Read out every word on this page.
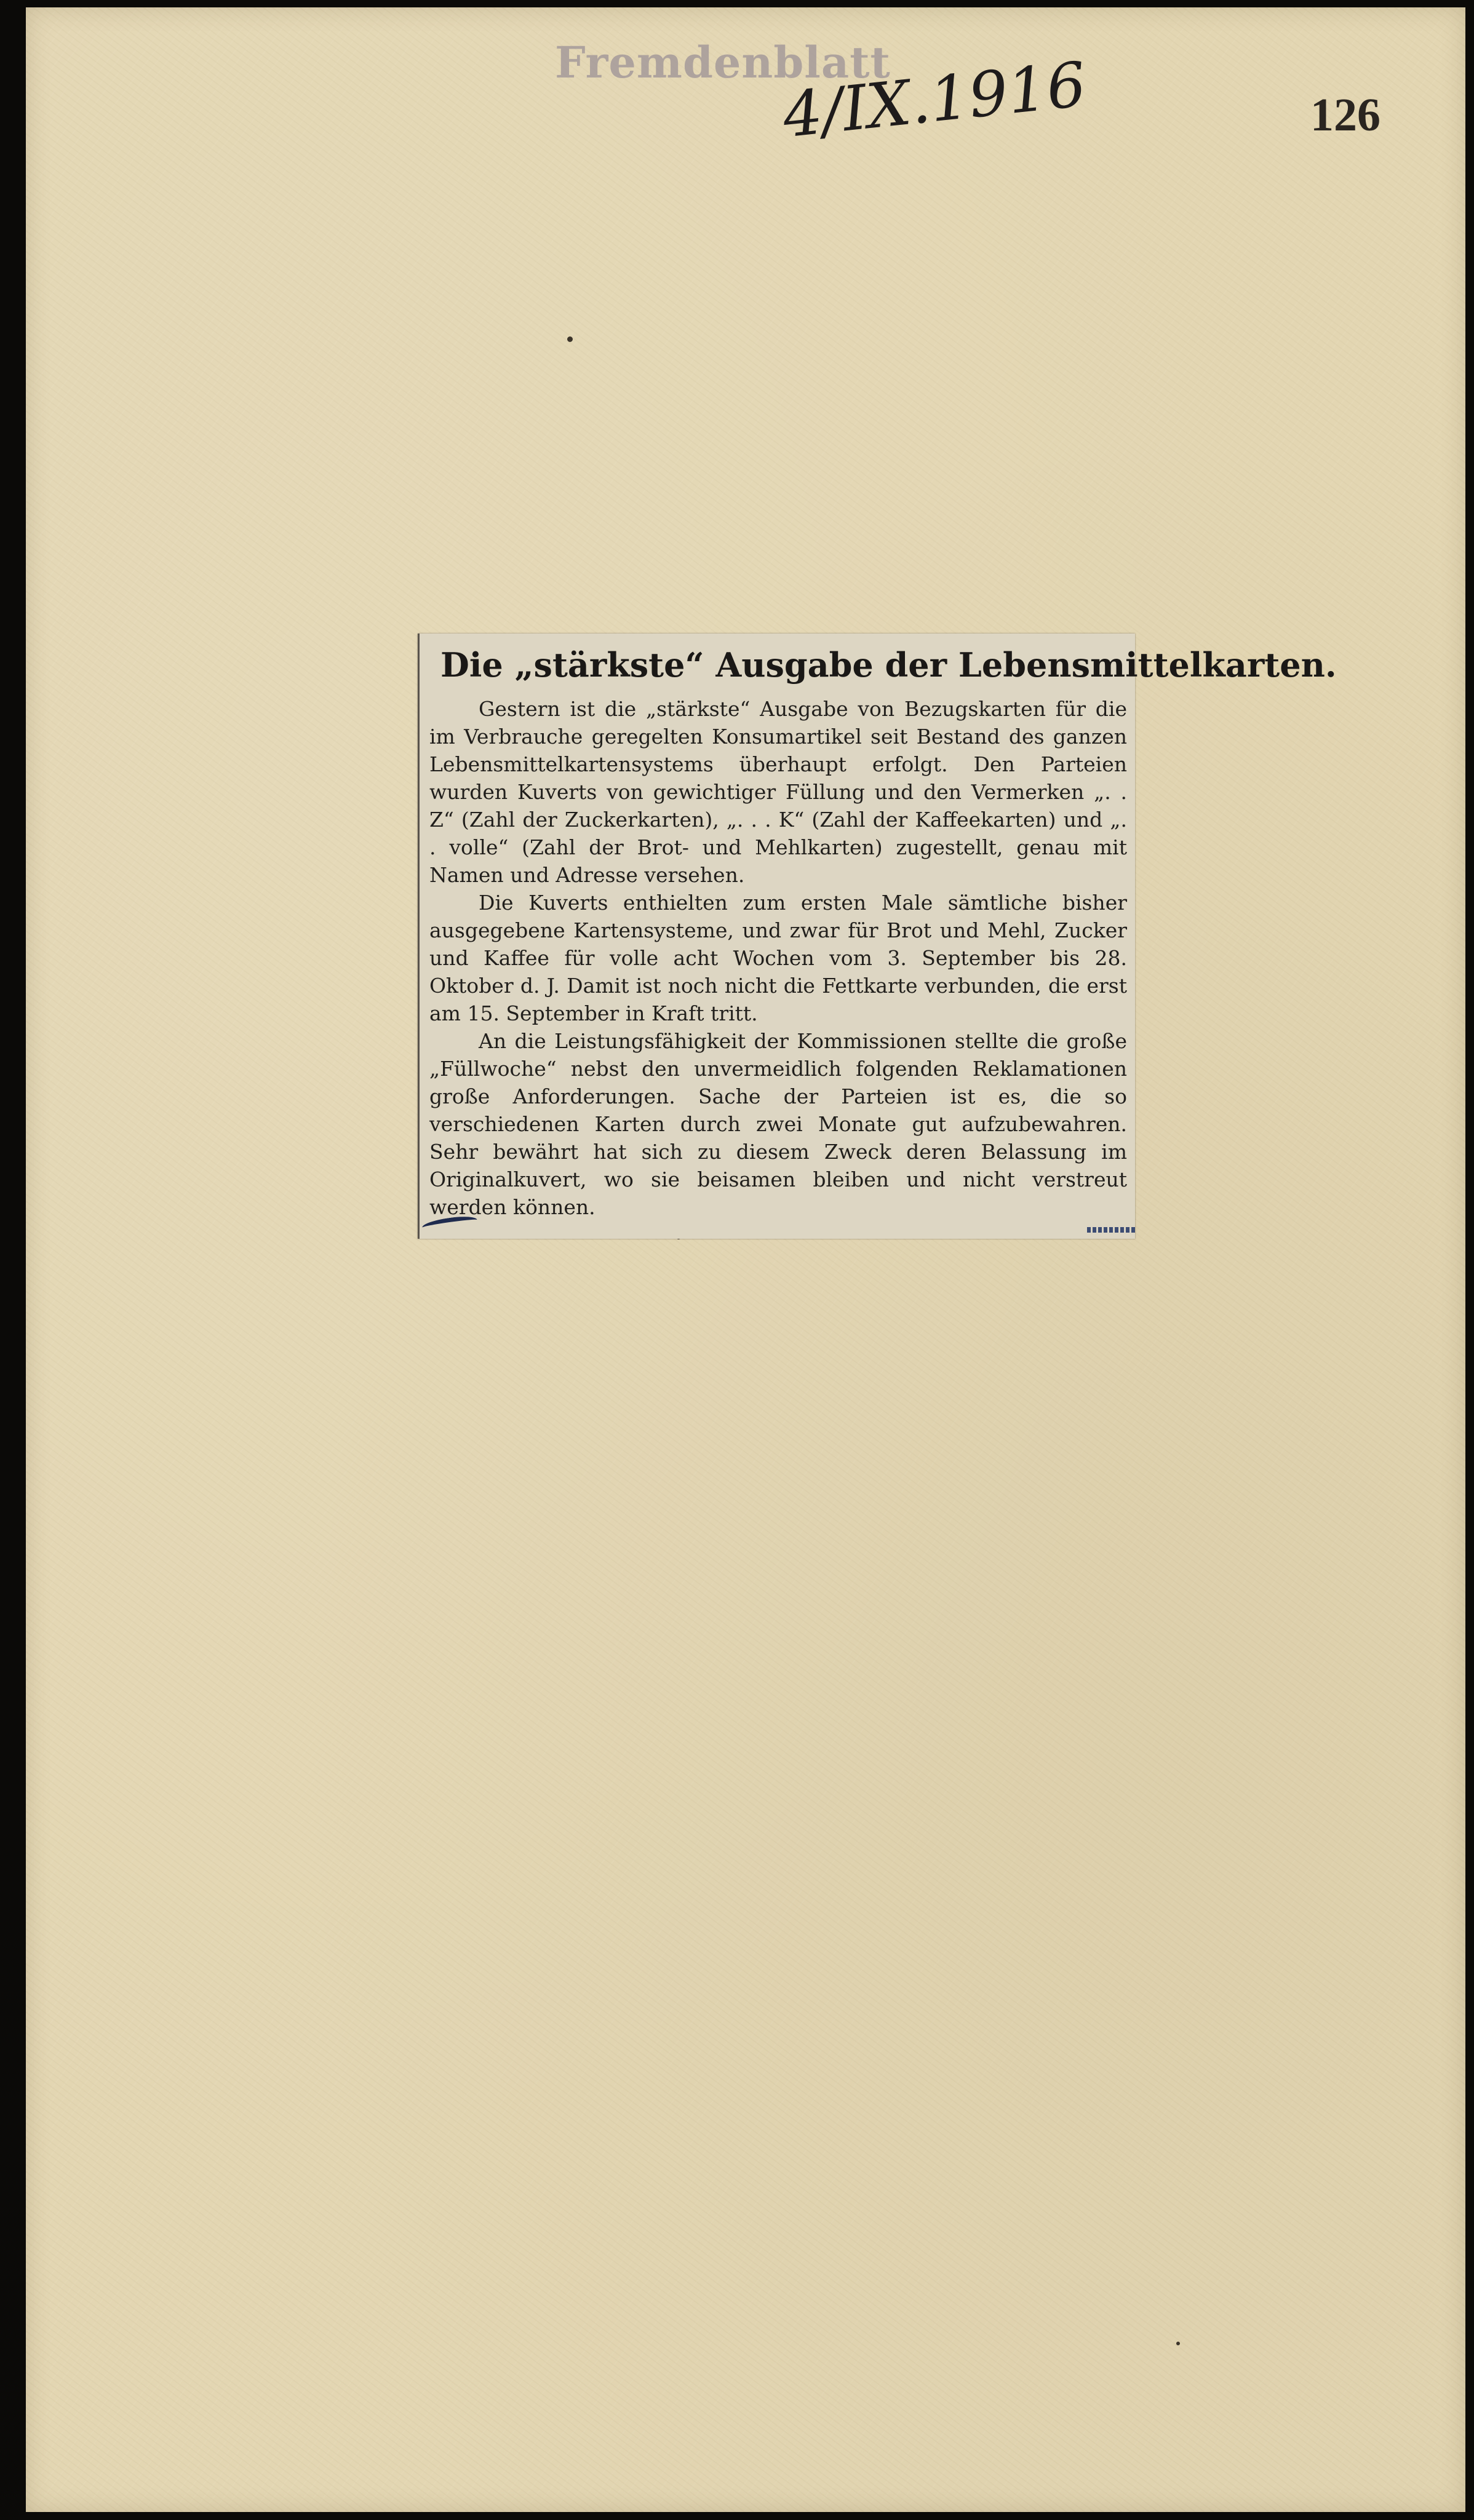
Fremdenblatt
4/IX.1916	126
Die „stärkste“ Ausgabe der Lebensmittelkarten.

Gestern ist die „stärkste“ Ausgabe von Bezugskarten für die im Verbrauche geregelten Konsumartikel seit Bestand des ganzen Lebensmittelkartensystems überhaupt erfolgt. Den Parteien wurden Kuverts von gewichtiger Füllung und den Vermerken „. . Z“ (Zahl der Zuckerkarten), „. . . K“ (Zahl der Kaffeekarten) und „. . volle“ (Zahl der Brot- und Mehlkarten) zugestellt, genau mit Namen und Adresse versehen.

Die Kuverts enthielten zum ersten Male sämtliche bisher ausgegebene Kartensysteme, und zwar für Brot und Mehl, Zucker und Kaffee für volle acht Wochen vom 3. September bis 28. Oktober d. J. Damit ist noch nicht die Fettkarte verbunden, die erst am 15. September in Kraft tritt.

An die Leistungsfähigkeit der Kommissionen stellte die große „Füllwoche“ nebst den unvermeidlich folgenden Reklamationen große Anforderungen. Sache der Parteien ist es, die so verschiedenen Karten durch zwei Monate gut aufzubewahren. Sehr bewährt hat sich zu diesem Zweck deren Belassung im Originalkuvert, wo sie beisamen bleiben und nicht verstreut werden können.
